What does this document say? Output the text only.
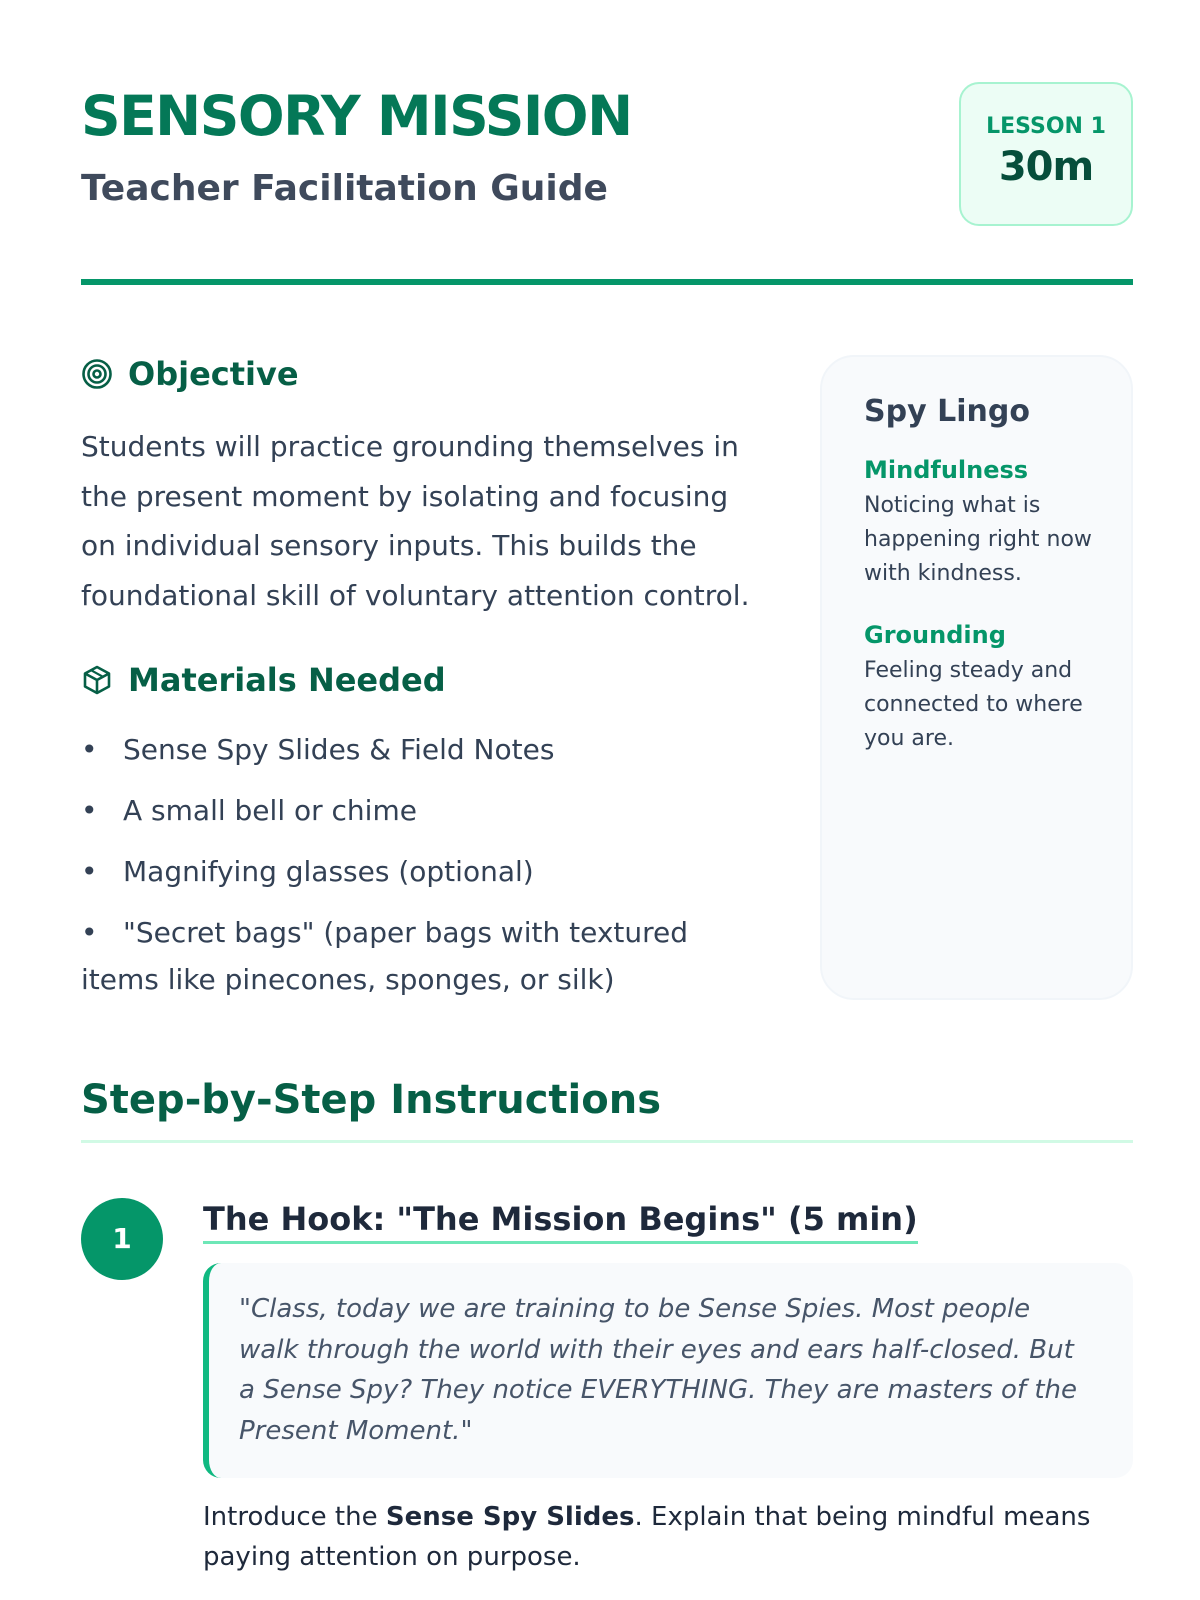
SENSORY MISSION
Teacher Facilitation Guide
LESSON 1
30m
Objective

Students will practice grounding themselves in the present moment by isolating and focusing on individual sensory inputs. This builds the foundational skill of voluntary attention control.

Materials Needed
• Sense Spy Slides & Field Notes
• A small bell or chime
• Magnifying glasses (optional)
• "Secret bags" (paper bags with textured items like pinecones, sponges, or silk)
Spy Lingo
Mindfulness
Noticing what is happening right now with kindness.
Grounding
Feeling steady and connected to where you are.
Step-by-Step Instructions
1
The Hook: "The Mission Begins" (5 min)
"Class, today we are training to be Sense Spies. Most people walk through the world with their eyes and ears half-closed. But a Sense Spy? They notice EVERYTHING. They are masters of the Present Moment."

Introduce the Sense Spy Slides. Explain that being mindful means paying attention on purpose.
